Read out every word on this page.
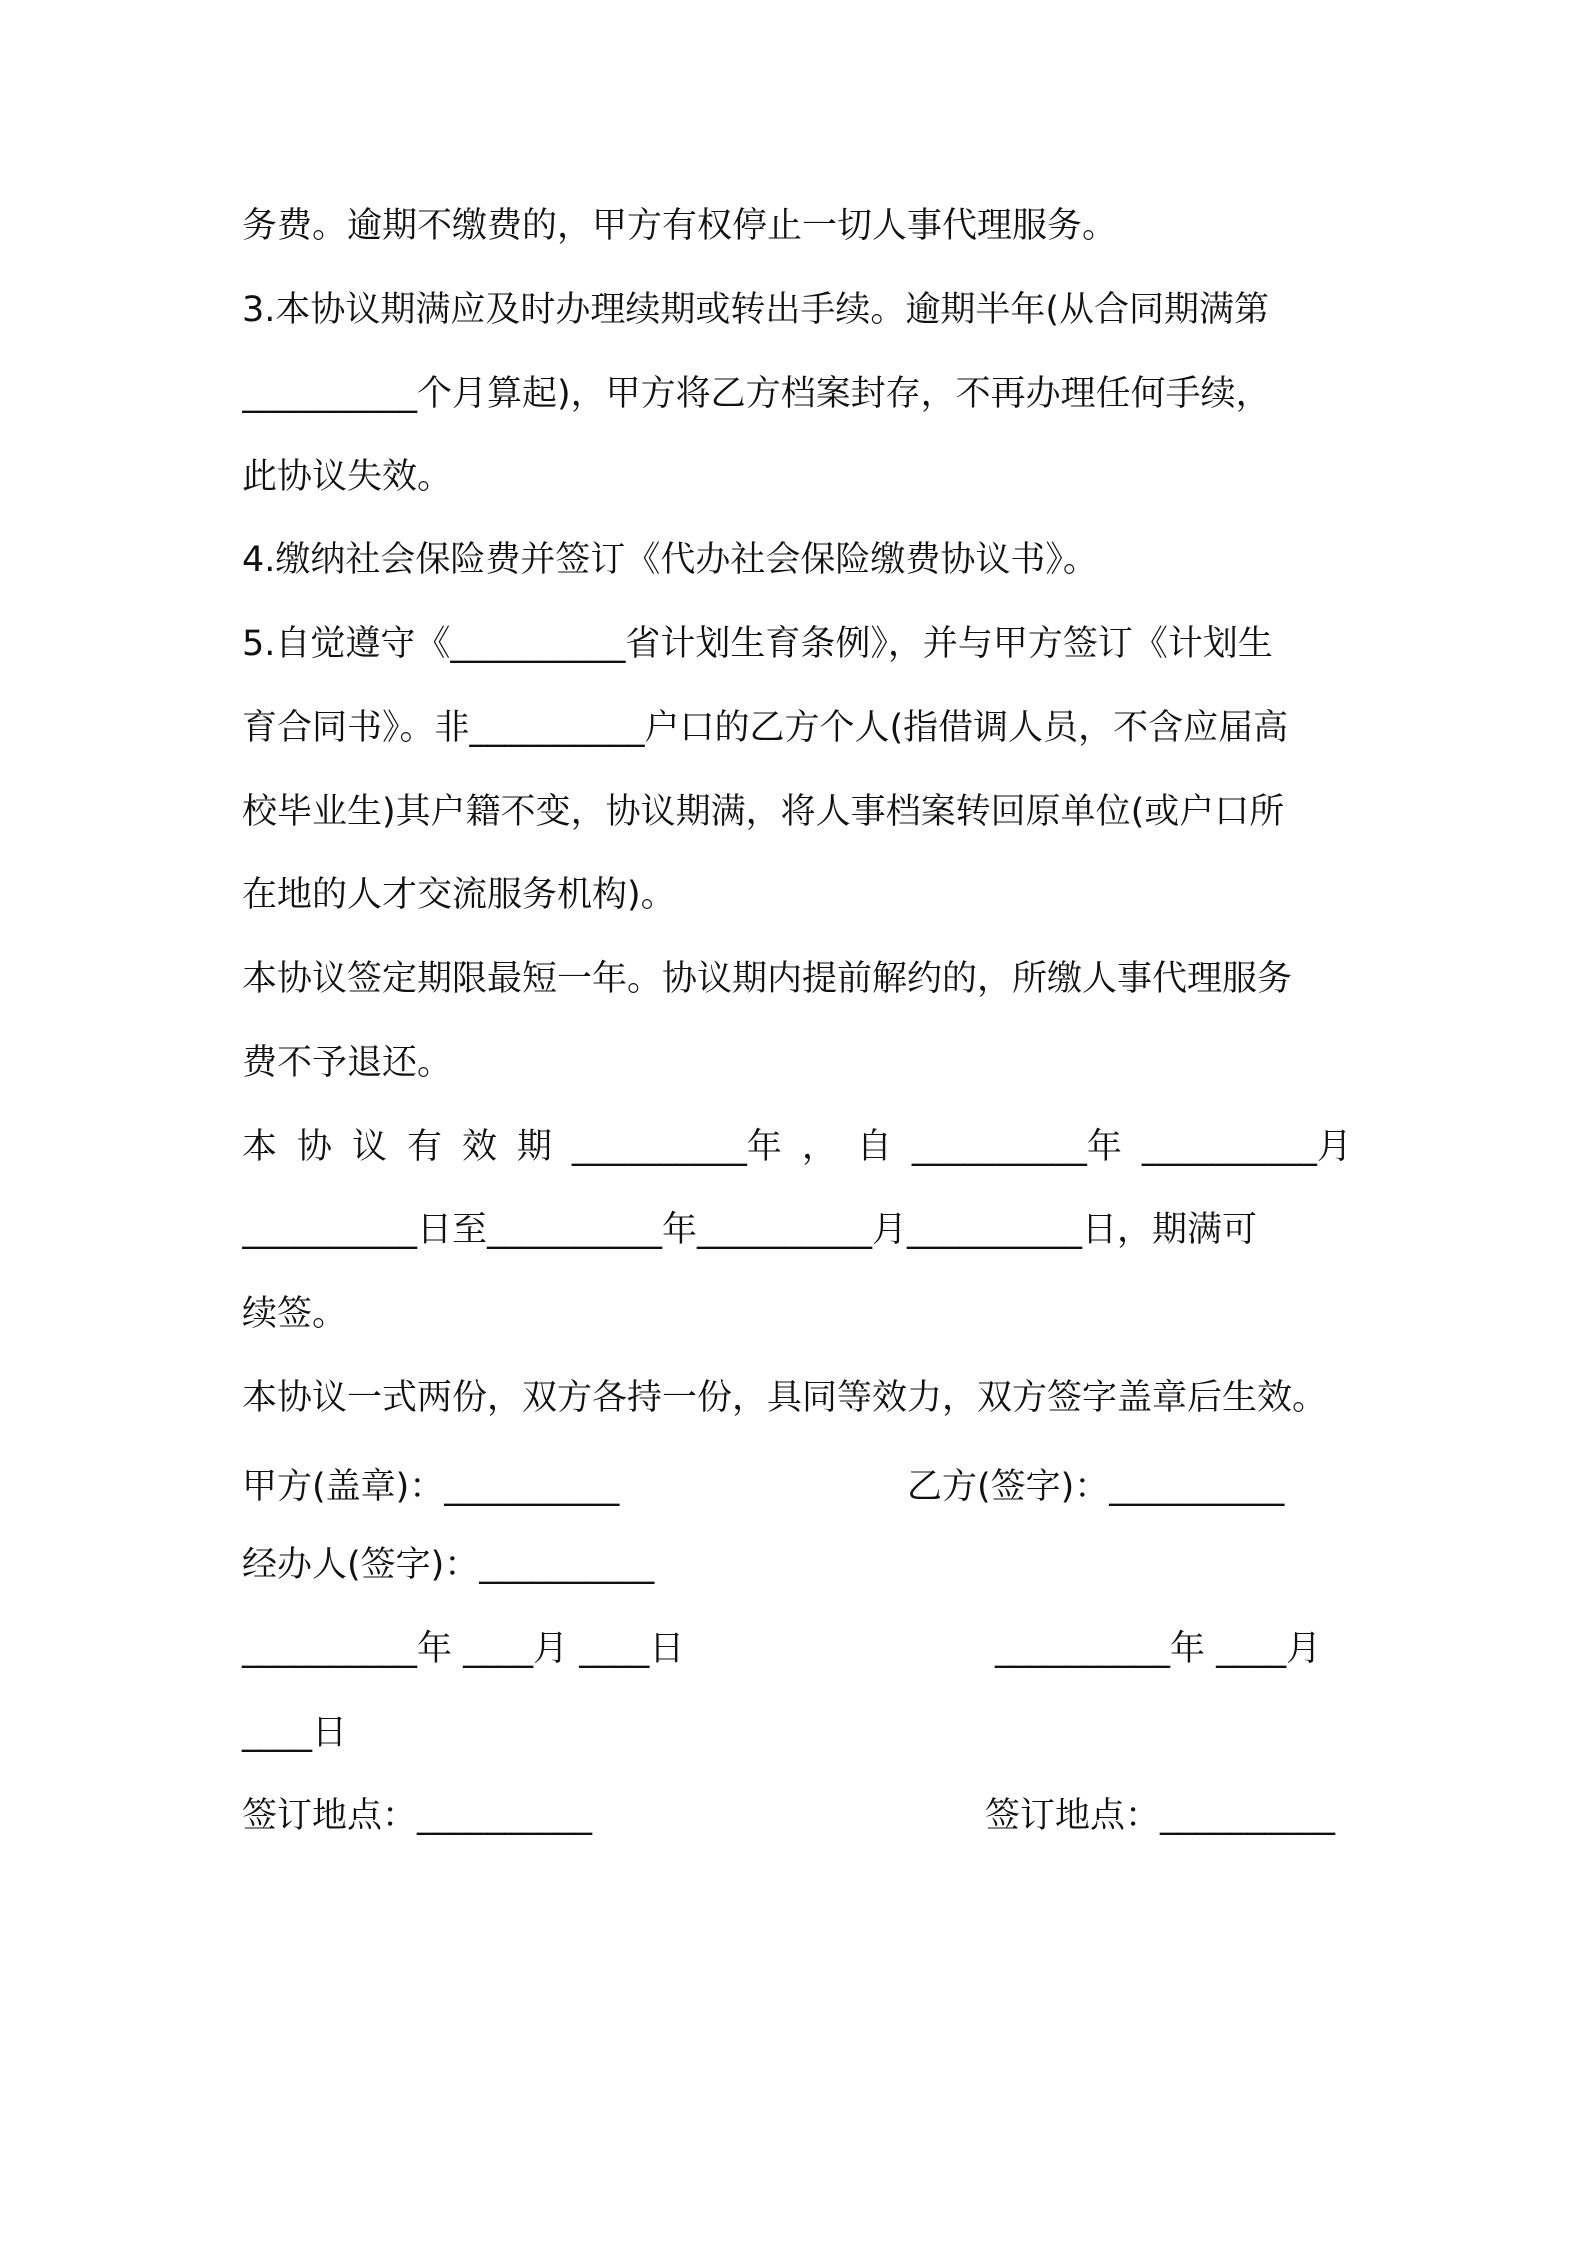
务费。逾期不缴费的，甲方有权停止一切人事代理服务。
3.本协议期满应及时办理续期或转出手续。逾期半年(从合同期满第
__________个月算起)，甲方将乙方档案封存，不再办理任何手续，
此协议失效。
4.缴纳社会保险费并签订《代办社会保险缴费协议书》。
5.自觉遵守《__________省计划生育条例》，并与甲方签订《计划生
育合同书》。非__________户口的乙方个人(指借调人员，不含应届高
校毕业生)其户籍不变，协议期满，将人事档案转回原单位(或户口所
在地的人才交流服务机构)。
本协议签定期限最短一年。协议期内提前解约的，所缴人事代理服务
费不予退还。
本 协 议 有 效 期 __________年 ， 自 __________年 __________月
__________日至__________年__________月__________日，期满可
续签。
本协议一式两份，双方各持一份，具同等效力，双方签字盖章后生效。
甲方(盖章)：__________	乙方(签字)：__________
经办人(签字)：__________
__________年 ____月 ____日	__________年 ____月
____日
签订地点：__________	签订地点：__________
